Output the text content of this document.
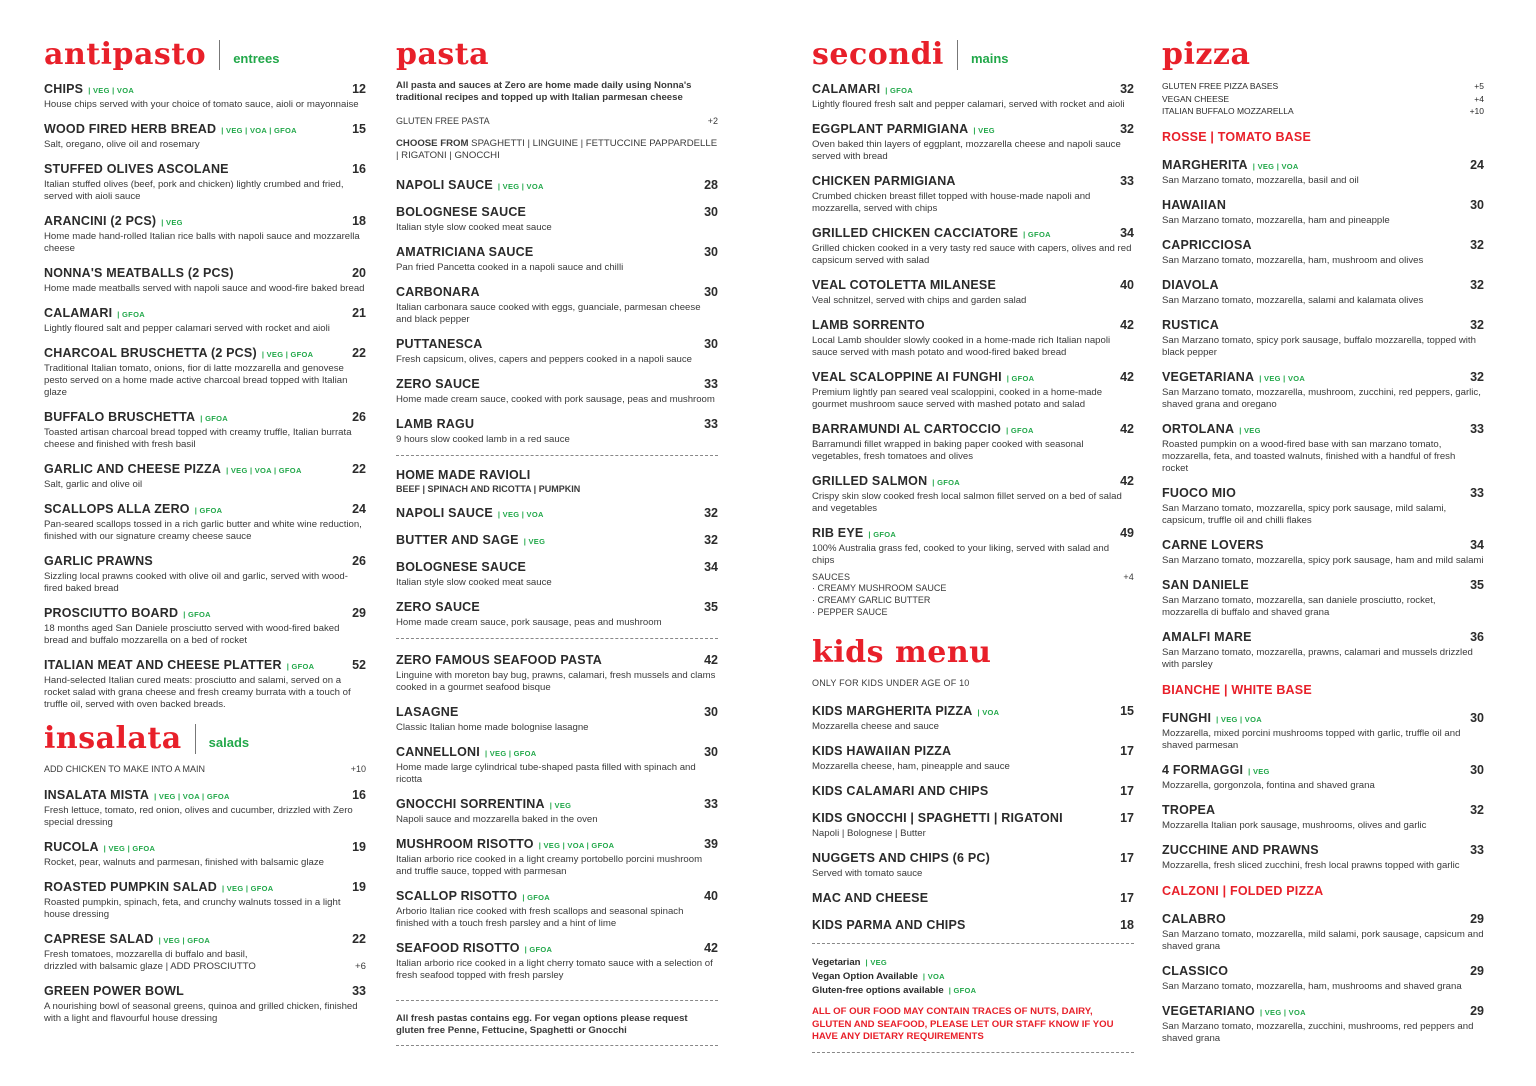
antipasto entrees
CHIPS | VEG | VOA	12
House chips served with your choice of tomato sauce, aioli or mayonnaise
WOOD FIRED HERB BREAD | VEG | VOA | GFOA	15
Salt, oregano, olive oil and rosemary
STUFFED OLIVES ASCOLANE	16
Italian stuffed olives (beef, pork and chicken) lightly crumbed and fried, served with aioli sauce
ARANCINI (2 PCS) | VEG	18
Home made hand-rolled Italian rice balls with napoli sauce and mozzarella cheese
NONNA'S MEATBALLS (2 PCS)	20
Home made meatballs served with napoli sauce and wood-fire baked bread
CALAMARI | GFOA	21
Lightly floured salt and pepper calamari served with rocket and aioli
CHARCOAL BRUSCHETTA (2 PCS) | VEG | GFOA	22
Traditional Italian tomato, onions, fior di latte mozzarella and genovese pesto served on a home made active charcoal bread topped with Italian glaze
BUFFALO BRUSCHETTA | GFOA	26
Toasted artisan charcoal bread topped with creamy truffle, Italian burrata cheese and finished with fresh basil
GARLIC AND CHEESE PIZZA | VEG | VOA | GFOA	22
Salt, garlic and olive oil
SCALLOPS ALLA ZERO | GFOA	24
Pan-seared scallops tossed in a rich garlic butter and white wine reduction, finished with our signature creamy cheese sauce
GARLIC PRAWNS	26
Sizzling local prawns cooked with olive oil and garlic, served with wood-fired baked bread
PROSCIUTTO BOARD | GFOA	29
18 months aged San Daniele prosciutto served with wood-fired baked bread and buffalo mozzarella on a bed of rocket
ITALIAN MEAT AND CHEESE PLATTER | GFOA	52
Hand-selected Italian cured meats: prosciutto and salami, served on a rocket salad with grana cheese and fresh creamy burrata with a touch of truffle oil, served with oven backed breads.
insalata salads
ADD CHICKEN TO MAKE INTO A MAIN	+10
INSALATA MISTA | VEG | VOA | GFOA	16
Fresh lettuce, tomato, red onion, olives and cucumber, drizzled with Zero special dressing
RUCOLA | VEG | GFOA	19
Rocket, pear, walnuts and parmesan, finished with balsamic glaze
ROASTED PUMPKIN SALAD | VEG | GFOA	19
Roasted pumpkin, spinach, feta, and crunchy walnuts tossed in a light house dressing
CAPRESE SALAD | VEG | GFOA	22
Fresh tomatoes, mozzarella di buffalo and basil,
drizzled with balsamic glaze | ADD PROSCIUTTO	+6
GREEN POWER BOWL	33
A nourishing bowl of seasonal greens, quinoa and grilled chicken, finished with a light and flavourful house dressing
pasta
All pasta and sauces at Zero are home made daily using Nonna's traditional recipes and topped up with Italian parmesan cheese
GLUTEN FREE PASTA	+2
CHOOSE FROM SPAGHETTI | LINGUINE | FETTUCCINE PAPPARDELLE | RIGATONI | GNOCCHI
NAPOLI SAUCE | VEG | VOA	28
BOLOGNESE SAUCE	30
Italian style slow cooked meat sauce
AMATRICIANA SAUCE	30
Pan fried Pancetta cooked in a napoli sauce and chilli
CARBONARA	30
Italian carbonara sauce cooked with eggs, guanciale, parmesan cheese and black pepper
PUTTANESCA	30
Fresh capsicum, olives, capers and peppers cooked in a napoli sauce
ZERO SAUCE	33
Home made cream sauce, cooked with pork sausage, peas and mushroom
LAMB RAGU	33
9 hours slow cooked lamb in a red sauce
HOME MADE RAVIOLI
BEEF | SPINACH AND RICOTTA | PUMPKIN
NAPOLI SAUCE | VEG | VOA	32
BUTTER AND SAGE | VEG	32
BOLOGNESE SAUCE	34
Italian style slow cooked meat sauce
ZERO SAUCE	35
Home made cream sauce, pork sausage, peas and mushroom
ZERO FAMOUS SEAFOOD PASTA	42
Linguine with moreton bay bug, prawns, calamari, fresh mussels and clams cooked in a gourmet seafood bisque
LASAGNE	30
Classic Italian home made bolognise lasagne
CANNELLONI | VEG | GFOA	30
Home made large cylindrical tube-shaped pasta filled with spinach and ricotta
GNOCCHI SORRENTINA | VEG	33
Napoli sauce and mozzarella baked in the oven
MUSHROOM RISOTTO | VEG | VOA | GFOA	39
Italian arborio rice cooked in a light creamy portobello porcini mushroom and truffle sauce, topped with parmesan
SCALLOP RISOTTO | GFOA	40
Arborio Italian rice cooked with fresh scallops and seasonal spinach finished with a touch fresh parsley and a hint of lime
SEAFOOD RISOTTO | GFOA	42
Italian arborio rice cooked in a light cherry tomato sauce with a selection of fresh seafood topped with fresh parsley
All fresh pastas contains egg. For vegan options please request gluten free Penne, Fettucine, Spaghetti or Gnocchi
secondi mains
CALAMARI | GFOA	32
Lightly floured fresh salt and pepper calamari, served with rocket and aioli
EGGPLANT PARMIGIANA | VEG	32
Oven baked thin layers of eggplant, mozzarella cheese and napoli sauce served with bread
CHICKEN PARMIGIANA	33
Crumbed chicken breast fillet topped with house-made napoli and mozzarella, served with chips
GRILLED CHICKEN CACCIATORE | GFOA	34
Grilled chicken cooked in a very tasty red sauce with capers, olives and red capsicum served with salad
VEAL COTOLETTA MILANESE	40
Veal schnitzel, served with chips and garden salad
LAMB SORRENTO	42
Local Lamb shoulder slowly cooked in a home-made rich Italian napoli sauce served with mash potato and wood-fired baked bread
VEAL SCALOPPINE AI FUNGHI | GFOA	42
Premium lightly pan seared veal scaloppini, cooked in a home-made gourmet mushroom sauce served with mashed potato and salad
BARRAMUNDI AL CARTOCCIO | GFOA	42
Barramundi fillet wrapped in baking paper cooked with seasonal vegetables, fresh tomatoes and olives
GRILLED SALMON | GFOA	42
Crispy skin slow cooked fresh local salmon fillet served on a bed of salad and vegetables
RIB EYE | GFOA	49
100% Australia grass fed, cooked to your liking, served with salad and chips
SAUCES	+4
· CREAMY MUSHROOM SAUCE
· CREAMY GARLIC BUTTER
· PEPPER SAUCE
kids menu
ONLY FOR KIDS UNDER AGE OF 10
KIDS MARGHERITA PIZZA | VOA	15
Mozzarella cheese and sauce
KIDS HAWAIIAN PIZZA	17
Mozzarella cheese, ham, pineapple and sauce
KIDS CALAMARI AND CHIPS	17
KIDS GNOCCHI | SPAGHETTI | RIGATONI	17
Napoli | Bolognese | Butter
NUGGETS AND CHIPS (6 PC)	17
Served with tomato sauce
MAC AND CHEESE	17
KIDS PARMA AND CHIPS	18
Vegetarian | VEG
Vegan Option Available | VOA
Gluten-free options available | GFOA
ALL OF OUR FOOD MAY CONTAIN TRACES OF NUTS, DAIRY, GLUTEN AND SEAFOOD, PLEASE LET OUR STAFF KNOW IF YOU HAVE ANY DIETARY REQUIREMENTS
pizza
GLUTEN FREE PIZZA BASES	+5
VEGAN CHEESE	+4
ITALIAN BUFFALO MOZZARELLA	+10
ROSSE | TOMATO BASE
MARGHERITA | VEG | VOA	24
San Marzano tomato, mozzarella, basil and oil
HAWAIIAN	30
San Marzano tomato, mozzarella, ham and pineapple
CAPRICCIOSA	32
San Marzano tomato, mozzarella, ham, mushroom and olives
DIAVOLA	32
San Marzano tomato, mozzarella, salami and kalamata olives
RUSTICA	32
San Marzano tomato, spicy pork sausage, buffalo mozzarella, topped with black pepper
VEGETARIANA | VEG | VOA	32
San Marzano tomato, mozzarella, mushroom, zucchini, red peppers, garlic, shaved grana and oregano
ORTOLANA | VEG	33
Roasted pumpkin on a wood-fired base with san marzano tomato, mozzarella, feta, and toasted walnuts, finished with a handful of fresh rocket
FUOCO MIO	33
San Marzano tomato, mozzarella, spicy pork sausage, mild salami, capsicum, truffle oil and chilli flakes
CARNE LOVERS	34
San Marzano tomato, mozzarella, spicy pork sausage, ham and mild salami
SAN DANIELE	35
San Marzano tomato, mozzarella, san daniele prosciutto, rocket, mozzarella di buffalo and shaved grana
AMALFI MARE	36
San Marzano tomato, mozzarella, prawns, calamari and mussels drizzled with parsley
BIANCHE | WHITE BASE
FUNGHI | VEG | VOA	30
Mozzarella, mixed porcini mushrooms topped with garlic, truffle oil and shaved parmesan
4 FORMAGGI | VEG	30
Mozzarella, gorgonzola, fontina and shaved grana
TROPEA	32
Mozzarella Italian pork sausage, mushrooms, olives and garlic
ZUCCHINE AND PRAWNS	33
Mozzarella, fresh sliced zucchini, fresh local prawns topped with garlic
CALZONI | FOLDED PIZZA
CALABRO	29
San Marzano tomato, mozzarella, mild salami, pork sausage, capsicum and shaved grana
CLASSICO	29
San Marzano tomato, mozzarella, ham, mushrooms and shaved grana
VEGETARIANO | VEG | VOA	29
San Marzano tomato, mozzarella, zucchini, mushrooms, red peppers and shaved grana
